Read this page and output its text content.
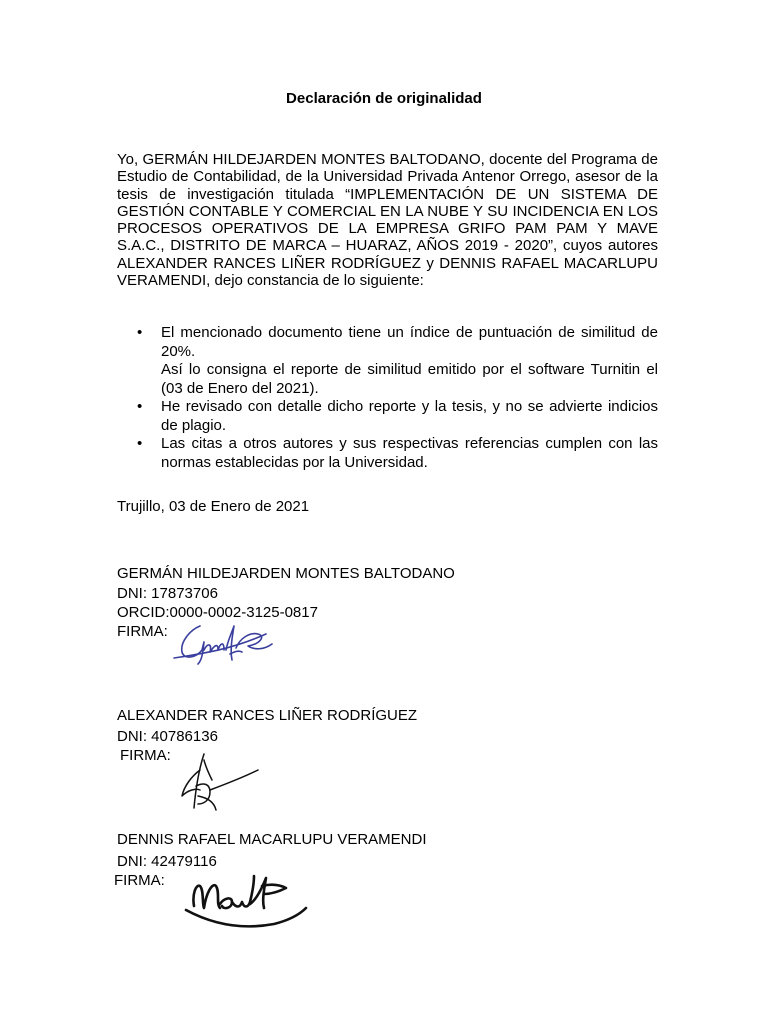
Declaración de originalidad
Yo, GERMÁN HILDEJARDEN MONTES BALTODANO, docente del Programa de Estudio de Contabilidad, de la Universidad Privada Antenor Orrego, asesor de la tesis de investigación titulada “IMPLEMENTACIÓN DE UN SISTEMA DE GESTIÓN CONTABLE Y COMERCIAL EN LA NUBE Y SU INCIDENCIA EN LOS PROCESOS OPERATIVOS DE LA EMPRESA GRIFO PAM PAM Y MAVE S.A.C., DISTRITO DE MARCA – HUARAZ, AÑOS 2019 - 2020”, cuyos autores ALEXANDER RANCES LIÑER RODRÍGUEZ y DENNIS RAFAEL MACARLUPU VERAMENDI, dejo constancia de lo siguiente:
• El mencionado documento tiene un índice de puntuación de similitud de 20%.
Así lo consigna el reporte de similitud emitido por el software Turnitin el (03 de Enero del 2021).
• He revisado con detalle dicho reporte y la tesis, y no se advierte indicios de plagio.
• Las citas a otros autores y sus respectivas referencias cumplen con las normas establecidas por la Universidad.
Trujillo, 03 de Enero de 2021
GERMÁN HILDEJARDEN MONTES BALTODANO
DNI: 17873706
ORCID:0000-0002-3125-0817
FIRMA:
ALEXANDER RANCES LIÑER RODRÍGUEZ
DNI: 40786136
FIRMA:
DENNIS RAFAEL MACARLUPU VERAMENDI
DNI: 42479116
FIRMA:
